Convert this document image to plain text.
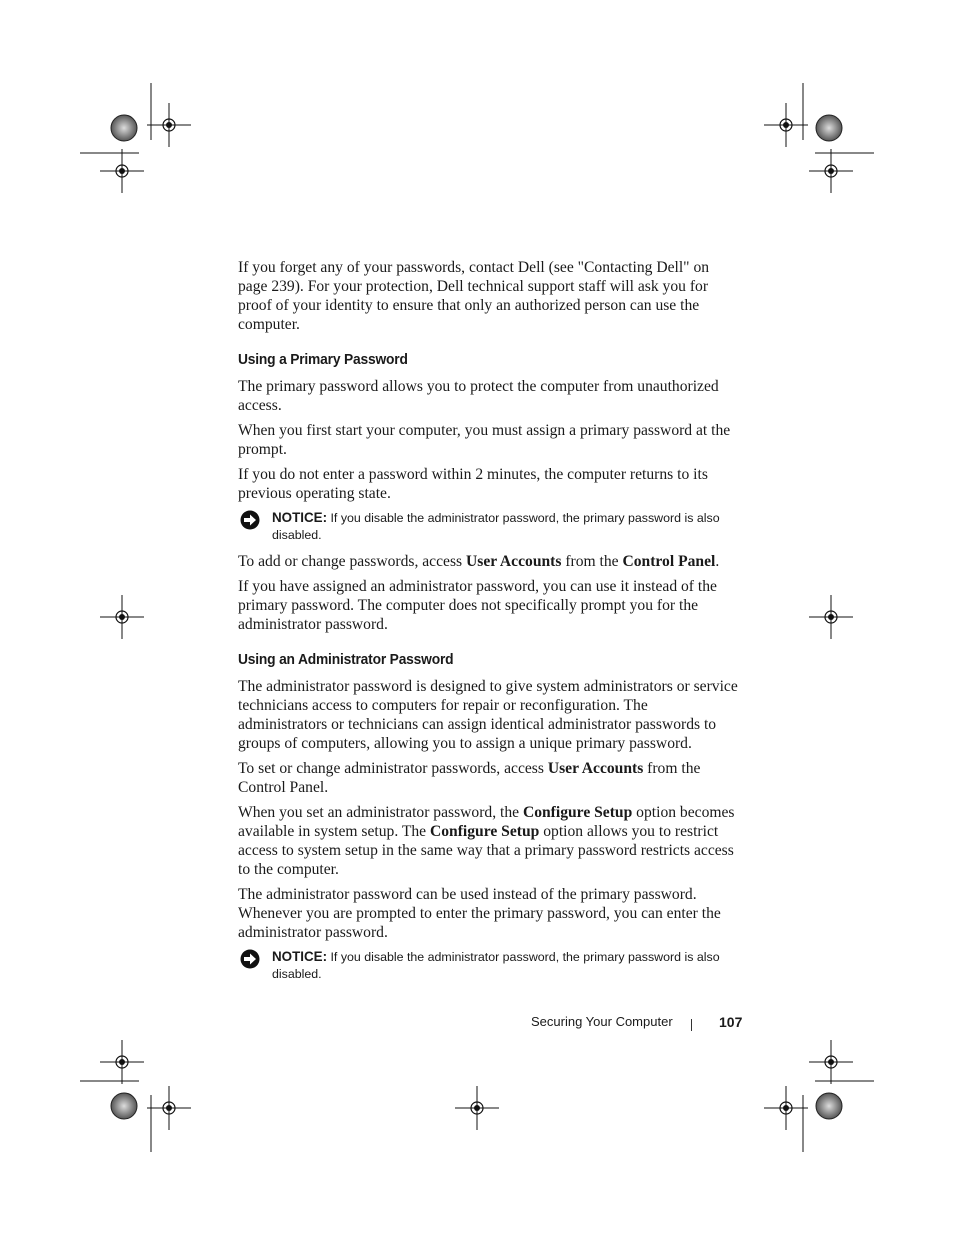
If you forget any of your passwords, contact Dell (see "Contacting Dell" on page 239). For your protection, Dell technical support staff will ask you for proof of your identity to ensure that only an authorized person can use the computer.

Using a Primary Password

The primary password allows you to protect the computer from unauthorized access.

When you first start your computer, you must assign a primary password at the prompt.

If you do not enter a password within 2 minutes, the computer returns to its previous operating state.

NOTICE: If you disable the administrator password, the primary password is also disabled.

To add or change passwords, access User Accounts from the Control Panel.

If you have assigned an administrator password, you can use it instead of the primary password. The computer does not specifically prompt you for the administrator password.

Using an Administrator Password

The administrator password is designed to give system administrators or service technicians access to computers for repair or reconfiguration. The administrators or technicians can assign identical administrator passwords to groups of computers, allowing you to assign a unique primary password.

To set or change administrator passwords, access User Accounts from the Control Panel.

When you set an administrator password, the Configure Setup option becomes available in system setup. The Configure Setup option allows you to restrict access to system setup in the same way that a primary password restricts access to the computer.

The administrator password can be used instead of the primary password. Whenever you are prompted to enter the primary password, you can enter the administrator password.

NOTICE: If you disable the administrator password, the primary password is also disabled.
Securing Your Computer	107
